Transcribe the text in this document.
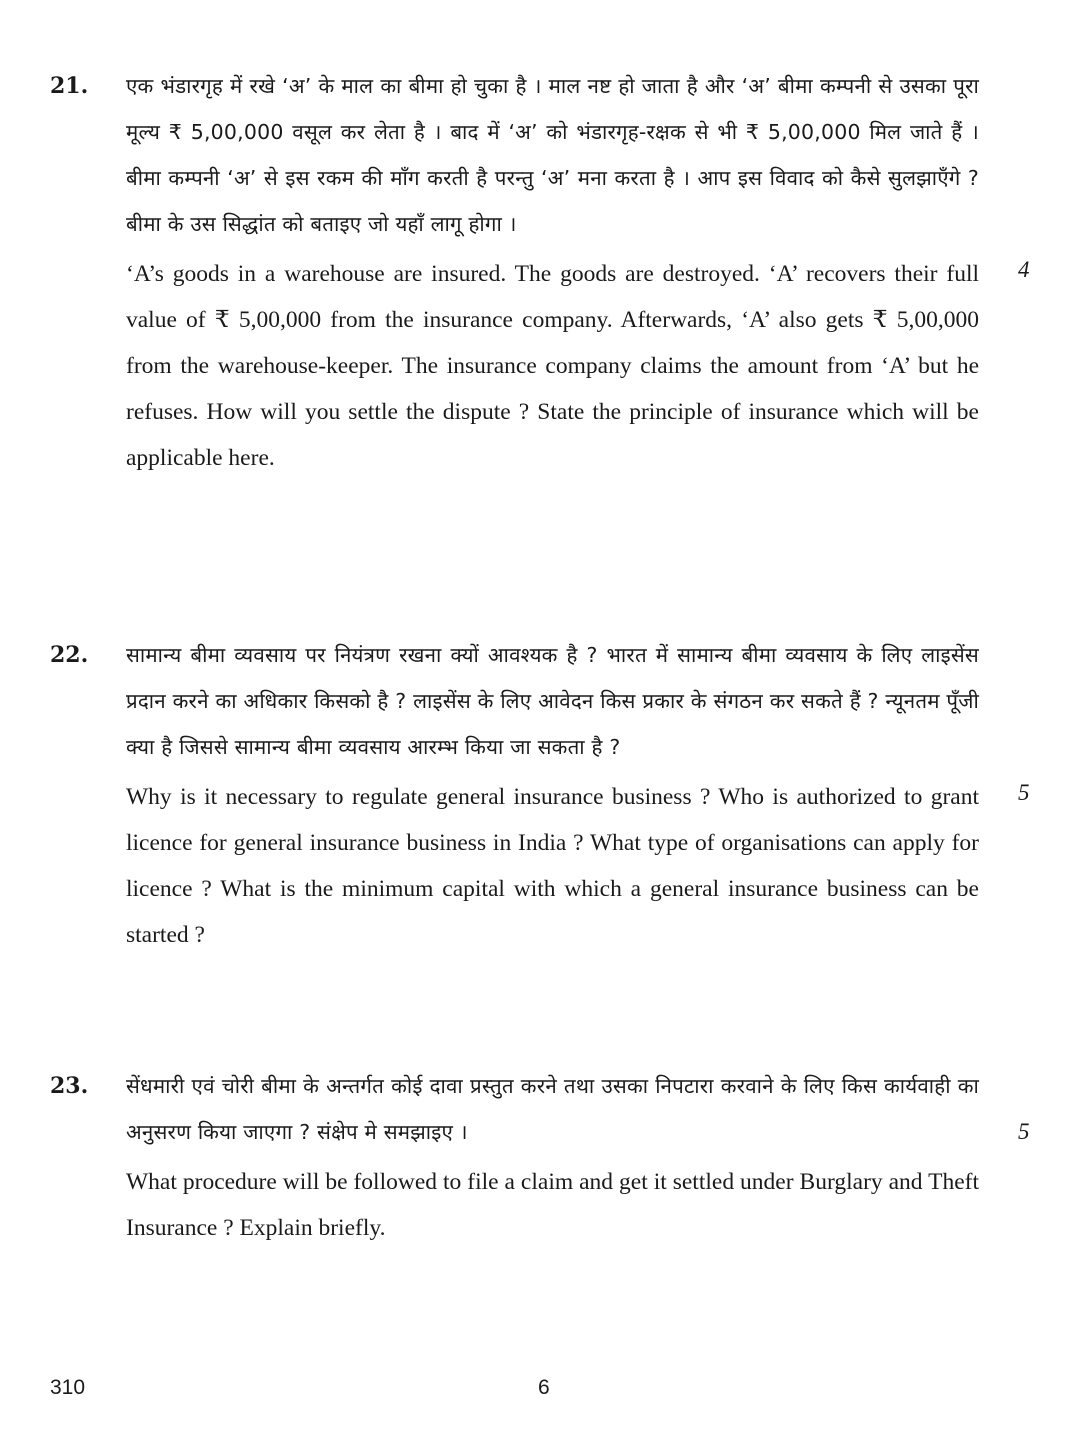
21. एक भंडारगृह में रखे ‘अ’ के माल का बीमा हो चुका है । माल नष्ट हो जाता है और ‘अ’ बीमा कम्पनी से उसका पूरा मूल्य ₹ 5,00,000 वसूल कर लेता है । बाद में ‘अ’ को भंडारगृह-रक्षक से भी ₹ 5,00,000 मिल जाते हैं । बीमा कम्पनी ‘अ’ से इस रकम की माँग करती है परन्तु ‘अ’ मना करता है । आप इस विवाद को कैसे सुलझाएँगे ? बीमा के उस सिद्धांत को बताइए जो यहाँ लागू होगा ।

‘A’s goods in a warehouse are insured. The goods are destroyed. ‘A’ recovers their full value of ₹ 5,00,000 from the insurance company. Afterwards, ‘A’ also gets ₹ 5,00,000 from the warehouse-keeper. The insurance company claims the amount from ‘A’ but he refuses. How will you settle the dispute ? State the principle of insurance which will be applicable here.

4
22. सामान्य बीमा व्यवसाय पर नियंत्रण रखना क्यों आवश्यक है ? भारत में सामान्य बीमा व्यवसाय के लिए लाइसेंस प्रदान करने का अधिकार किसको है ? लाइसेंस के लिए आवेदन किस प्रकार के संगठन कर सकते हैं ? न्यूनतम पूँजी क्या है जिससे सामान्य बीमा व्यवसाय आरम्भ किया जा सकता है ?

Why is it necessary to regulate general insurance business ? Who is authorized to grant licence for general insurance business in India ? What type of organisations can apply for licence ? What is the minimum capital with which a general insurance business can be started ?

5
23. सेंधमारी एवं चोरी बीमा के अन्तर्गत कोई दावा प्रस्तुत करने तथा उसका निपटारा करवाने के लिए किस कार्यवाही का अनुसरण किया जाएगा ? संक्षेप मे समझाइए ।

What procedure will be followed to file a claim and get it settled under Burglary and Theft Insurance ? Explain briefly.

5
310	6
